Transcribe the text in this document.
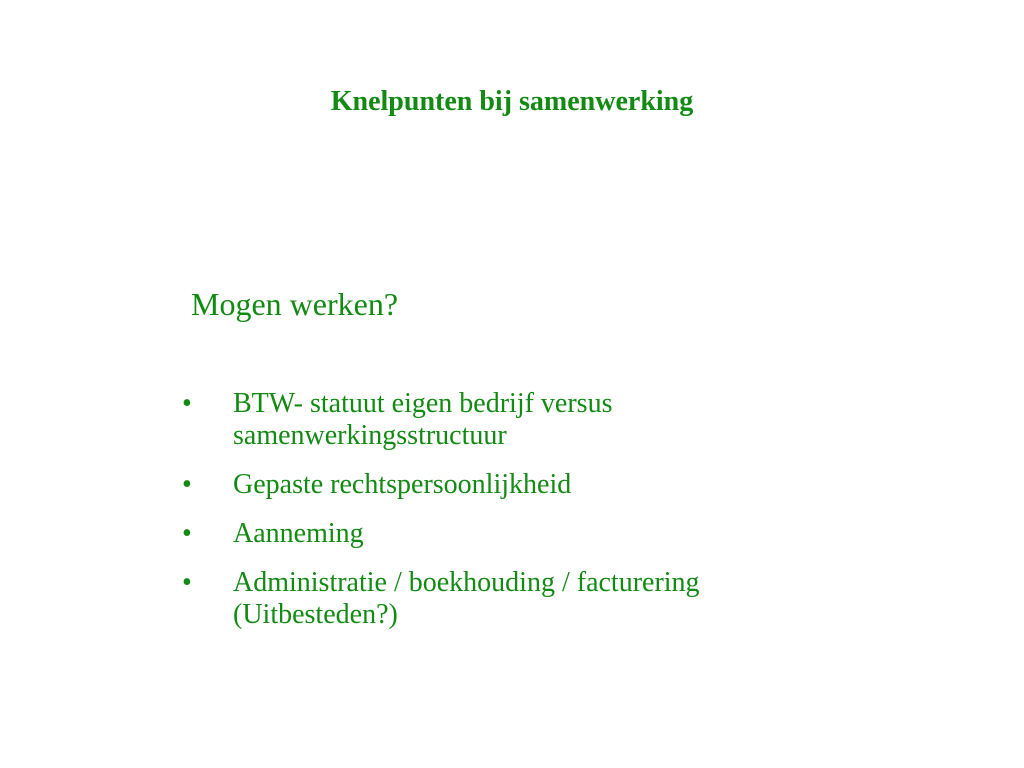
Knelpunten bij samenwerking

Mogen werken?

•	BTW- statuut eigen bedrijf versus samenwerkingsstructuur
•	Gepaste rechtspersoonlijkheid
•	Aanneming
•	Administratie / boekhouding / facturering (Uitbesteden?)
